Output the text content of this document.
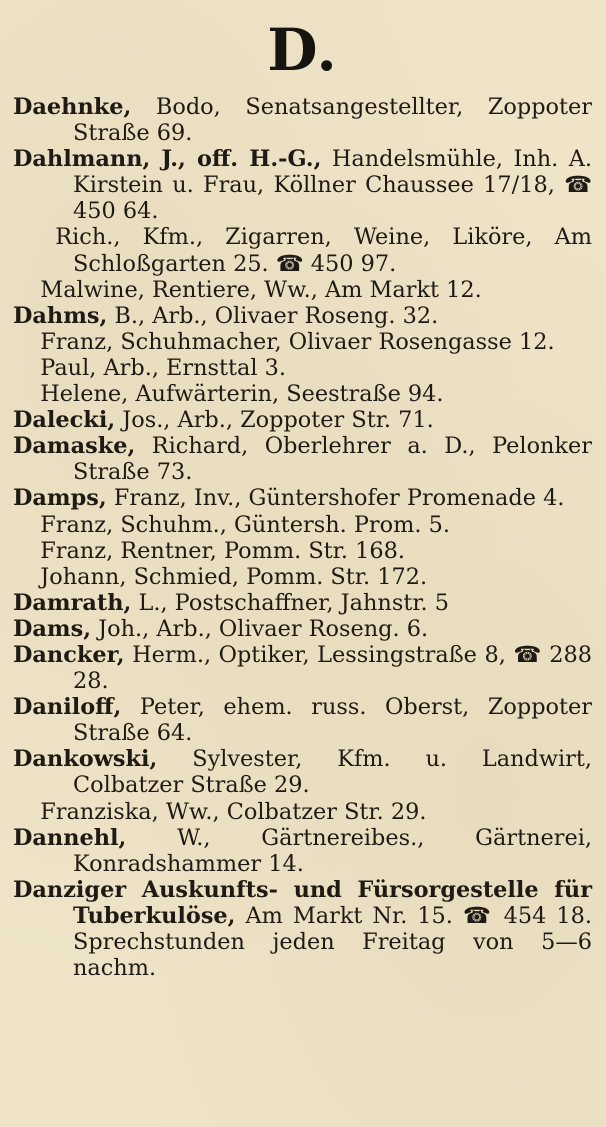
D.
Daehnke, Bodo, Senatsangestellter, Zoppoter Straße 69.
Dahlmann, J., off. H.-G., Handelsmühle, Inh. A. Kirstein u. Frau, Köllner Chaussee 17/18, ☎ 450 64.
Rich., Kfm., Zigarren, Weine, Liköre, Am Schloßgarten 25. ☎ 450 97.
Malwine, Rentiere, Ww., Am Markt 12.
Dahms, B., Arb., Olivaer Roseng. 32.
Franz, Schuhmacher, Olivaer Rosengasse 12.
Paul, Arb., Ernsttal 3.
Helene, Aufwärterin, Seestraße 94.
Dalecki, Jos., Arb., Zoppoter Str. 71.
Damaske, Richard, Oberlehrer a. D., Pelonker Straße 73.
Damps, Franz, Inv., Güntershofer Promenade 4.
Franz, Schuhm., Güntersh. Prom. 5.
Franz, Rentner, Pomm. Str. 168.
Johann, Schmied, Pomm. Str. 172.
Damrath, L., Postschaffner, Jahnstr. 5
Dams, Joh., Arb., Olivaer Roseng. 6.
Dancker, Herm., Optiker, Lessingstraße 8, ☎ 288 28.
Daniloff, Peter, ehem. russ. Oberst, Zoppoter Straße 64.
Dankowski, Sylvester, Kfm. u. Landwirt, Colbatzer Straße 29.
Franziska, Ww., Colbatzer Str. 29.
Dannehl, W., Gärtnereibes., Gärtnerei, Konradshammer 14.
Danziger Auskunfts- und Fürsorgestelle für Tuberkulöse, Am Markt Nr. 15. ☎ 454 18. Sprechstunden jeden Freitag von 5—6 nachm.
